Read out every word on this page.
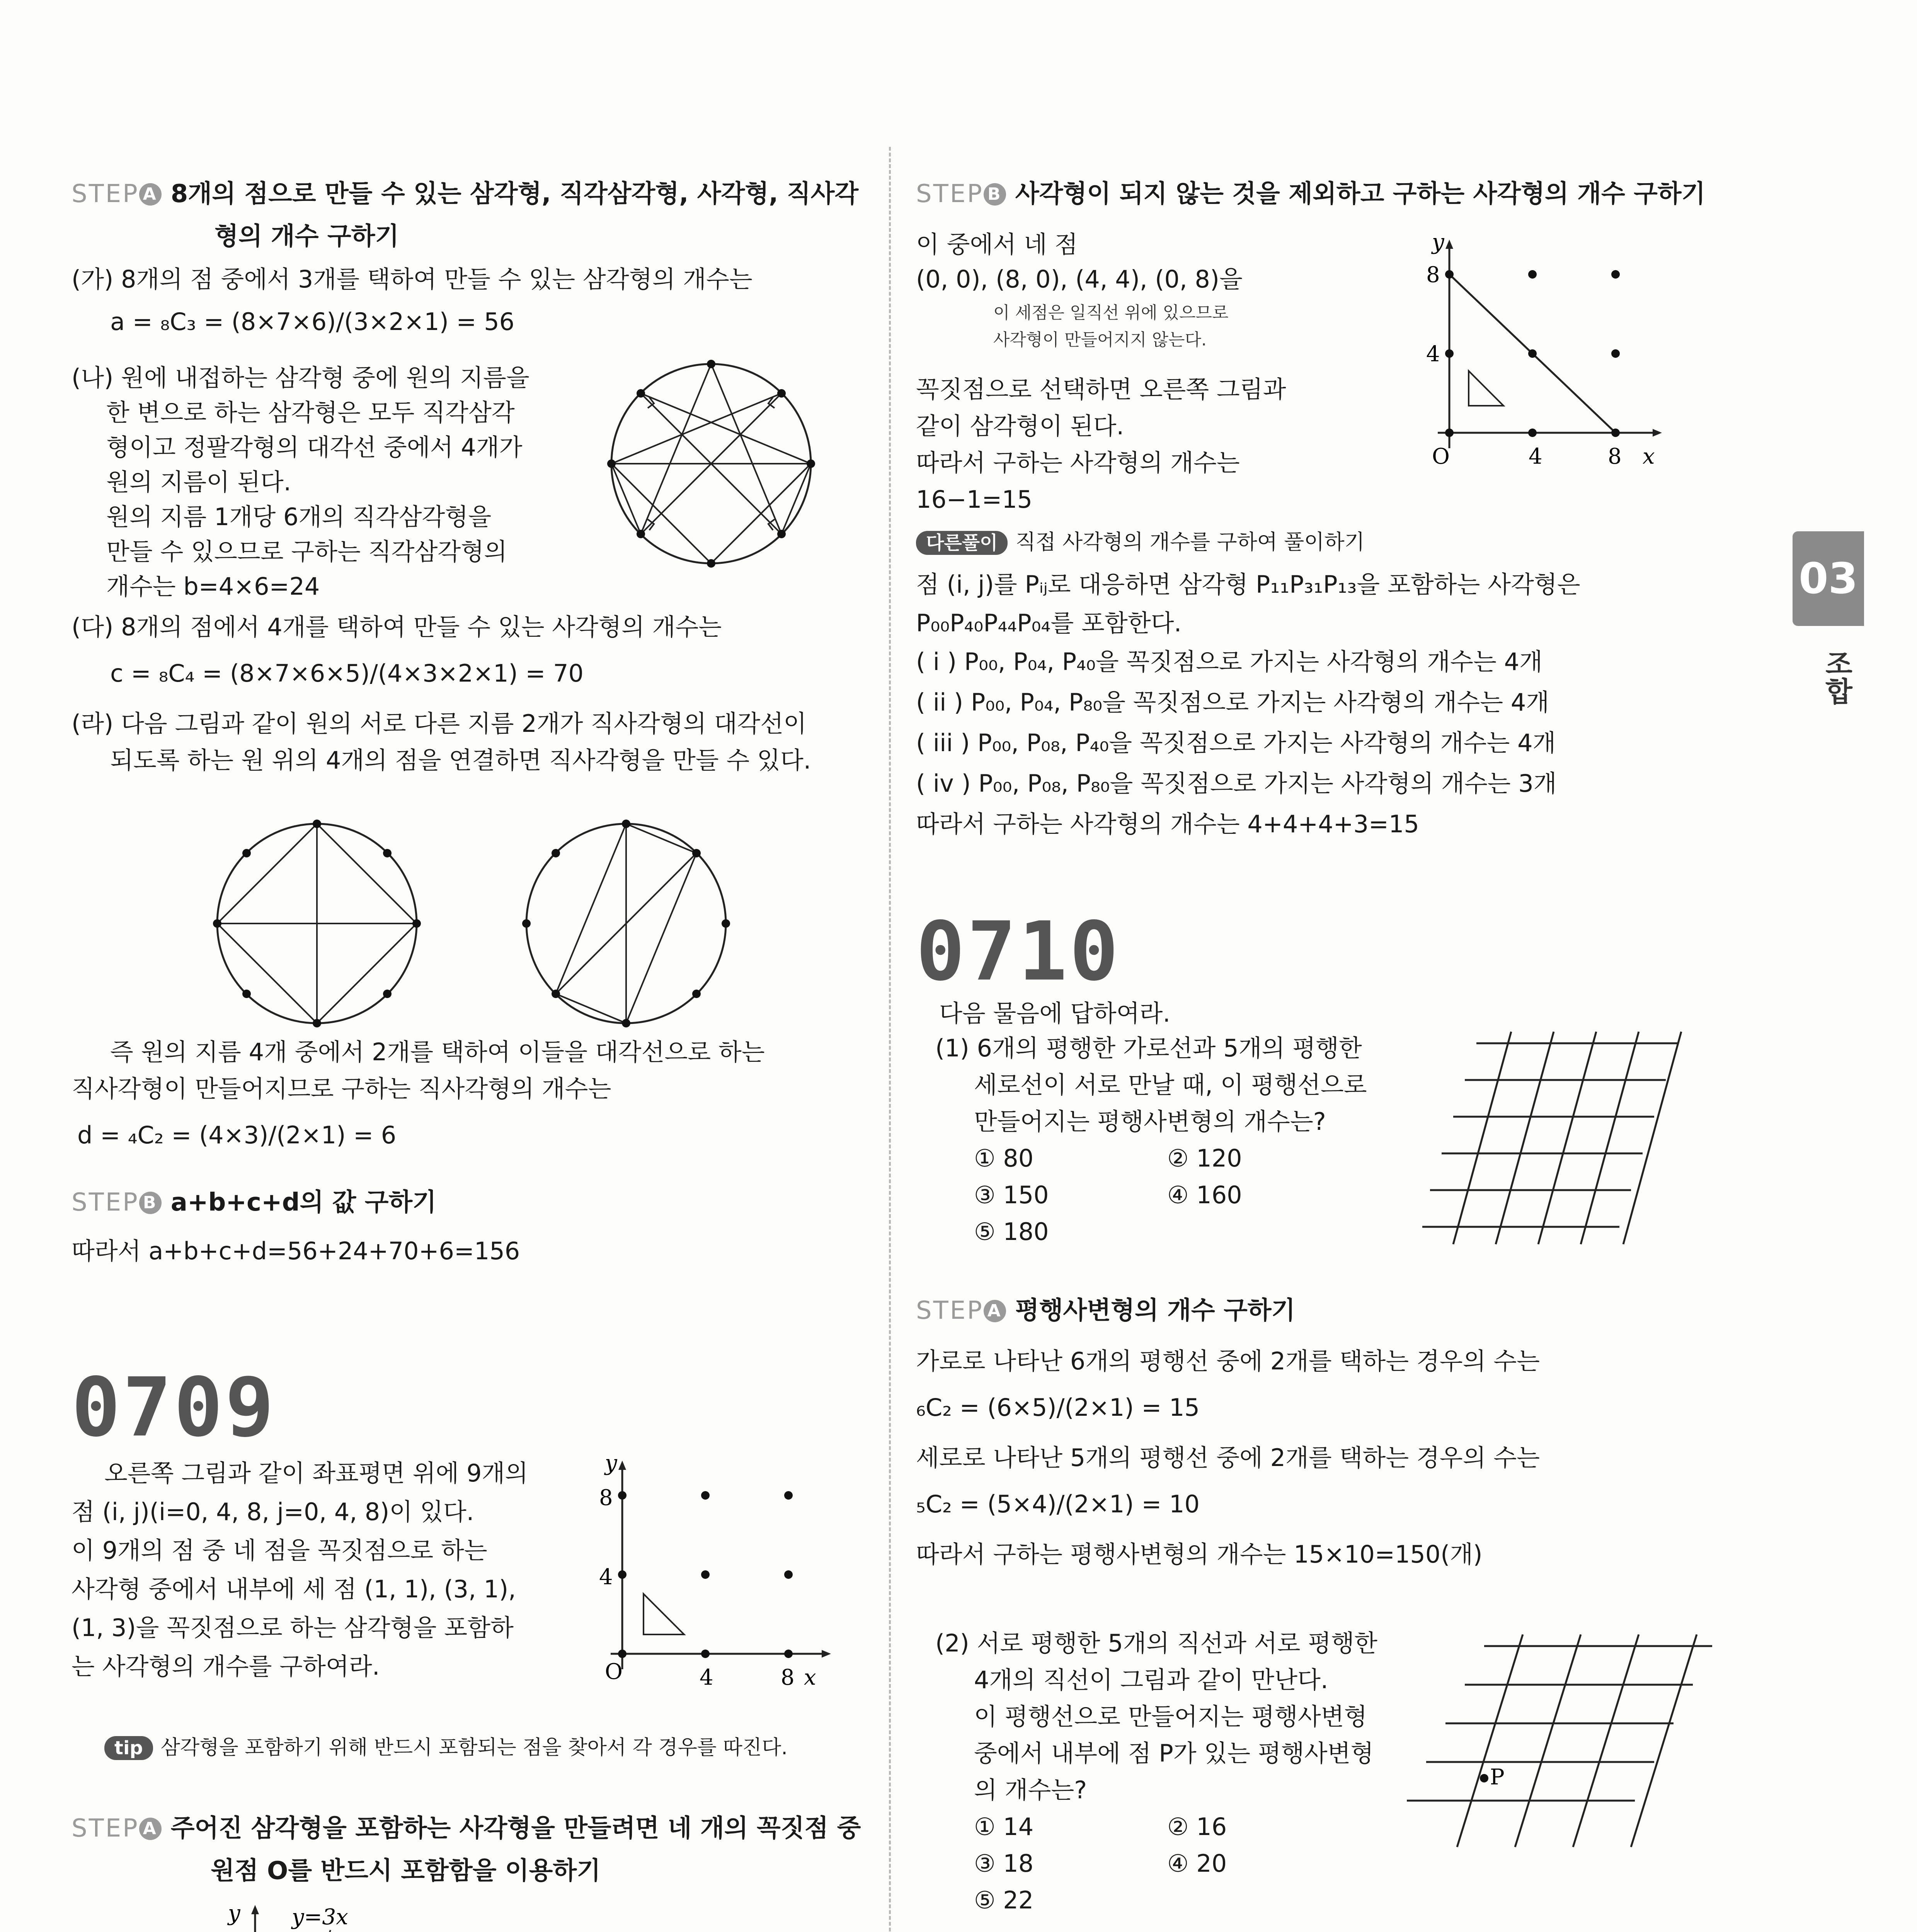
STEP A 8개의 점으로 만들 수 있는 삼각형, 직각삼각형, 사각형, 직사각
형의 개수 구하기
(가) 8개의 점 중에서 3개를 택하여 만들 수 있는 삼각형의 개수는
a = ₈C₃ = (8×7×6)/(3×2×1) = 56
(나) 원에 내접하는 삼각형 중에 원의 지름을
한 변으로 하는 삼각형은 모두 직각삼각
형이고 정팔각형의 대각선 중에서 4개가
원의 지름이 된다.
원의 지름 1개당 6개의 직각삼각형을
만들 수 있으므로 구하는 직각삼각형의
개수는 b=4×6=24
(다) 8개의 점에서 4개를 택하여 만들 수 있는 사각형의 개수는
c = ₈C₄ = (8×7×6×5)/(4×3×2×1) = 70
(라) 다음 그림과 같이 원의 서로 다른 지름 2개가 직사각형의 대각선이
되도록 하는 원 위의 4개의 점을 연결하면 직사각형을 만들 수 있다.
즉 원의 지름 4개 중에서 2개를 택하여 이들을 대각선으로 하는
직사각형이 만들어지므로 구하는 직사각형의 개수는
d = ₄C₂ = (4×3)/(2×1) = 6
STEP B a+b+c+d의 값 구하기
따라서 a+b+c+d=56+24+70+6=156
0709
오른쪽 그림과 같이 좌표평면 위에 9개의
점 (i, j)(i=0, 4, 8, j=0, 4, 8)이 있다.
이 9개의 점 중 네 점을 꼭짓점으로 하는
사각형 중에서 내부에 세 점 (1, 1), (3, 1),
(1, 3)을 꼭짓점으로 하는 삼각형을 포함하
는 사각형의 개수를 구하여라.
y
x
O
8
4
4	8
tip 삼각형을 포함하기 위해 반드시 포함되는 점을 찾아서 각 경우를 따진다.
STEP A 주어진 삼각형을 포함하는 사각형을 만들려면 네 개의 꼭짓점 중
원점 O를 반드시 포함함을 이용하기
y y=3x
STEP B 사각형이 되지 않는 것을 제외하고 구하는 사각형의 개수 구하기
이 중에서 네 점
(0, 0), (8, 0), (4, 4), (0, 8)을
이 세점은 일직선 위에 있으므로
사각형이 만들어지지 않는다.
꼭짓점으로 선택하면 오른쪽 그림과
같이 삼각형이 된다.
따라서 구하는 사각형의 개수는
16−1=15
y
x
O
8
4
4	8
다른풀이 직접 사각형의 개수를 구하여 풀이하기
점 (i, j)를 Pᵢⱼ로 대응하면 삼각형 P₁₁P₃₁P₁₃을 포함하는 사각형은
P₀₀P₄₀P₄₄P₀₄를 포함한다.
( i ) P₀₀, P₀₄, P₄₀을 꼭짓점으로 가지는 사각형의 개수는 4개
( ii ) P₀₀, P₀₄, P₈₀을 꼭짓점으로 가지는 사각형의 개수는 4개
( iii ) P₀₀, P₀₈, P₄₀을 꼭짓점으로 가지는 사각형의 개수는 4개
( iv ) P₀₀, P₀₈, P₈₀을 꼭짓점으로 가지는 사각형의 개수는 3개
따라서 구하는 사각형의 개수는 4+4+4+3=15
0710
다음 물음에 답하여라.
(1) 6개의 평행한 가로선과 5개의 평행한
세로선이 서로 만날 때, 이 평행선으로
만들어지는 평행사변형의 개수는?
① 80	② 120
③ 150	④ 160
⑤ 180
STEP A 평행사변형의 개수 구하기
가로로 나타난 6개의 평행선 중에 2개를 택하는 경우의 수는
₆C₂ = (6×5)/(2×1) = 15
세로로 나타난 5개의 평행선 중에 2개를 택하는 경우의 수는
₅C₂ = (5×4)/(2×1) = 10
따라서 구하는 평행사변형의 개수는 15×10=150(개)
(2) 서로 평행한 5개의 직선과 서로 평행한
4개의 직선이 그림과 같이 만난다.
이 평행선으로 만들어지는 평행사변형
중에서 내부에 점 P가 있는 평행사변형
의 개수는?
① 14	② 16
③ 18	④ 20
⑤ 22
P
03
조합
